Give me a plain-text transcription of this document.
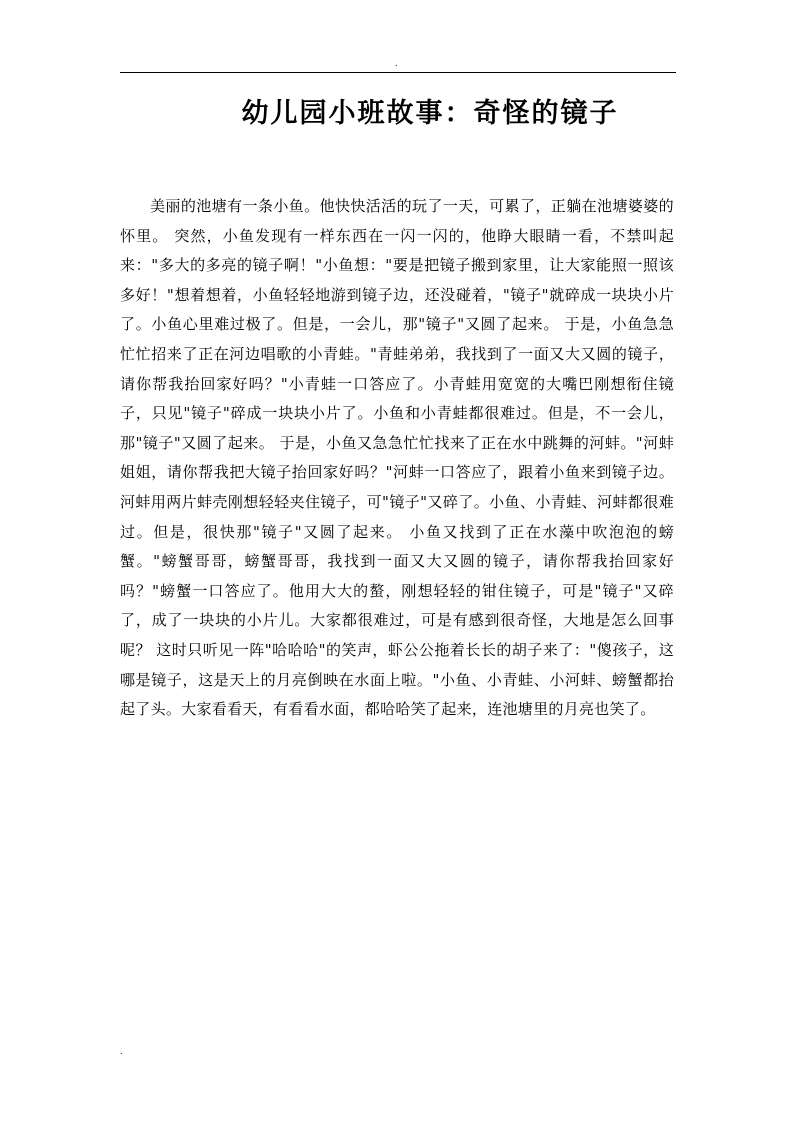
.
幼儿园小班故事：奇怪的镜子

美丽的池塘有一条小鱼。他快快活活的玩了一天，可累了，正躺在池塘婆婆的怀里。 突然，小鱼发现有一样东西在一闪一闪的，他睁大眼睛一看，不禁叫起来："多大的多亮的镜子啊！"小鱼想："要是把镜子搬到家里，让大家能照一照该多好！"想着想着，小鱼轻轻地游到镜子边，还没碰着，"镜子"就碎成一块块小片了。小鱼心里难过极了。但是，一会儿，那"镜子"又圆了起来。 于是，小鱼急急忙忙招来了正在河边唱歌的小青蛙。"青蛙弟弟，我找到了一面又大又圆的镜子，请你帮我抬回家好吗？"小青蛙一口答应了。小青蛙用宽宽的大嘴巴刚想衔住镜子，只见"镜子"碎成一块块小片了。小鱼和小青蛙都很难过。但是，不一会儿，那"镜子"又圆了起来。 于是，小鱼又急急忙忙找来了正在水中跳舞的河蚌。"河蚌姐姐，请你帮我把大镜子抬回家好吗？"河蚌一口答应了，跟着小鱼来到镜子边。河蚌用两片蚌壳刚想轻轻夹住镜子，可"镜子"又碎了。小鱼、小青蛙、河蚌都很难过。但是，很快那"镜子"又圆了起来。 小鱼又找到了正在水藻中吹泡泡的螃蟹。"螃蟹哥哥，螃蟹哥哥，我找到一面又大又圆的镜子，请你帮我抬回家好吗？"螃蟹一口答应了。他用大大的螯，刚想轻轻的钳住镜子，可是"镜子"又碎了，成了一块块的小片儿。大家都很难过，可是有感到很奇怪，大地是怎么回事呢？ 这时只听见一阵"哈哈哈"的笑声，虾公公拖着长长的胡子来了："傻孩子，这哪是镜子，这是天上的月亮倒映在水面上啦。"小鱼、小青蛙、小河蚌、螃蟹都抬起了头。大家看看天，有看看水面，都哈哈笑了起来，连池塘里的月亮也笑了。

.
